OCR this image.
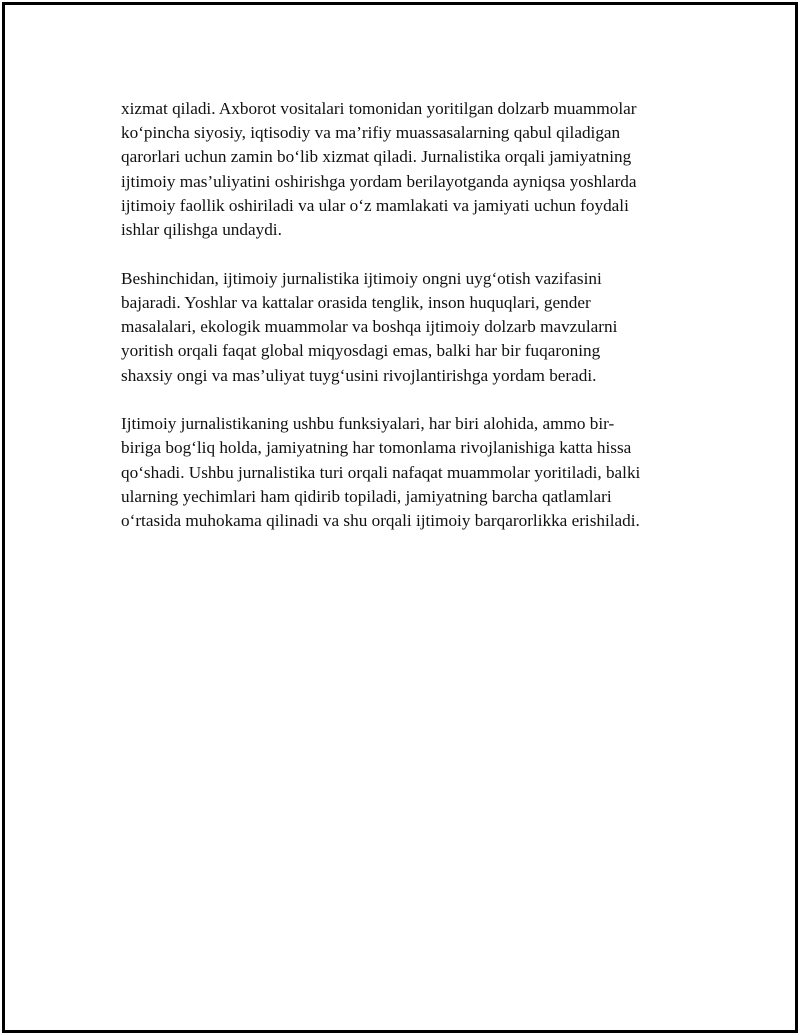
xizmat qiladi. Axborot vositalari tomonidan yoritilgan dolzarb muammolar
ko‘pincha siyosiy, iqtisodiy va ma’rifiy muassasalarning qabul qiladigan
qarorlari uchun zamin bo‘lib xizmat qiladi. Jurnalistika orqali jamiyatning
ijtimoiy mas’uliyatini oshirishga yordam berilayotganda ayniqsa yoshlarda
ijtimoiy faollik oshiriladi va ular o‘z mamlakati va jamiyati uchun foydali
ishlar qilishga undaydi.
Beshinchidan, ijtimoiy jurnalistika ijtimoiy ongni uyg‘otish vazifasini
bajaradi. Yoshlar va kattalar orasida tenglik, inson huquqlari, gender
masalalari, ekologik muammolar va boshqa ijtimoiy dolzarb mavzularni
yoritish orqali faqat global miqyosdagi emas, balki har bir fuqaroning
shaxsiy ongi va mas’uliyat tuyg‘usini rivojlantirishga yordam beradi.
Ijtimoiy jurnalistikaning ushbu funksiyalari, har biri alohida, ammo bir-
biriga bog‘liq holda, jamiyatning har tomonlama rivojlanishiga katta hissa
qo‘shadi. Ushbu jurnalistika turi orqali nafaqat muammolar yoritiladi, balki
ularning yechimlari ham qidirib topiladi, jamiyatning barcha qatlamlari
o‘rtasida muhokama qilinadi va shu orqali ijtimoiy barqarorlikka erishiladi.
